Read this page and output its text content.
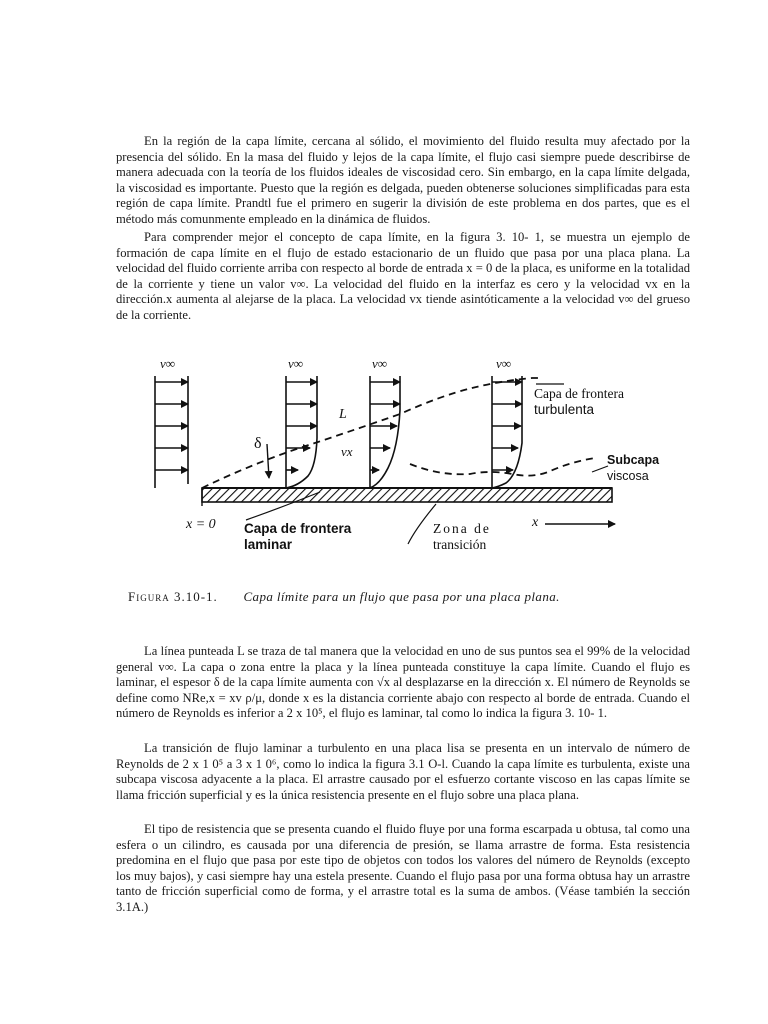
En la región de la capa límite, cercana al sólido, el movimiento del fluido resulta muy afectado por la presencia del sólido. En la masa del fluido y lejos de la capa límite, el flujo casi siempre puede describirse de manera adecuada con la teoría de los fluidos ideales de viscosidad cero. Sin embargo, en la capa límite delgada, la viscosidad es importante. Puesto que la región es delgada, pueden obtenerse soluciones simplificadas para esta región de capa límite. Prandtl fue el primero en sugerir la división de este problema en dos partes, que es el método más comunmente empleado en la dinámica de fluidos.

Para comprender mejor el concepto de capa límite, en la figura 3. 10- 1, se muestra un ejemplo de formación de capa límite en el flujo de estado estacionario de un fluido que pasa por una placa plana. La velocidad del fluido corriente arriba con respecto al borde de entrada x = 0 de la placa, es uniforme en la totalidad de la corriente y tiene un valor v∞. La velocidad del fluido en la interfaz es cero y la velocidad vx en la dirección.x aumenta al alejarse de la placa. La velocidad vx tiende asintóticamente a la velocidad v∞ del grueso de la corriente.

v∞	v∞	v∞	v∞
L
δ	vx
x = 0	x
Capa de frontera
laminar
Zona de
transición
Capa de frontera
turbulenta
Subcapa
viscosa
Figura 3.10-1. Capa límite para un flujo que pasa por una placa plana.

La línea punteada L se traza de tal manera que la velocidad en uno de sus puntos sea el 99% de la velocidad general v∞. La capa o zona entre la placa y la línea punteada constituye la capa límite. Cuando el flujo es laminar, el espesor δ de la capa límite aumenta con √x al desplazarse en la dirección x. El número de Reynolds se define como NRe,x = xv ρ/μ, donde x es la distancia corriente abajo con respecto al borde de entrada. Cuando el número de Reynolds es inferior a 2 x 10⁵, el flujo es laminar, tal como lo indica la figura 3. 10- 1.

La transición de flujo laminar a turbulento en una placa lisa se presenta en un intervalo de número de Reynolds de 2 x 1 0⁵ a 3 x 1 0⁶, como lo indica la figura 3.1 O-l. Cuando la capa límite es turbulenta, existe una subcapa viscosa adyacente a la placa. El arrastre causado por el esfuerzo cortante viscoso en las capas límite se llama fricción superficial y es la única resistencia presente en el flujo sobre una placa plana.

El tipo de resistencia que se presenta cuando el fluido fluye por una forma escarpada u obtusa, tal como una esfera o un cilindro, es causada por una diferencia de presión, se llama arrastre de forma. Esta resistencia predomina en el flujo que pasa por este tipo de objetos con todos los valores del número de Reynolds (excepto los muy bajos), y casi siempre hay una estela presente. Cuando el flujo pasa por una forma obtusa hay un arrastre tanto de fricción superficial como de forma, y el arrastre total es la suma de ambos. (Véase también la sección 3.1A.)
